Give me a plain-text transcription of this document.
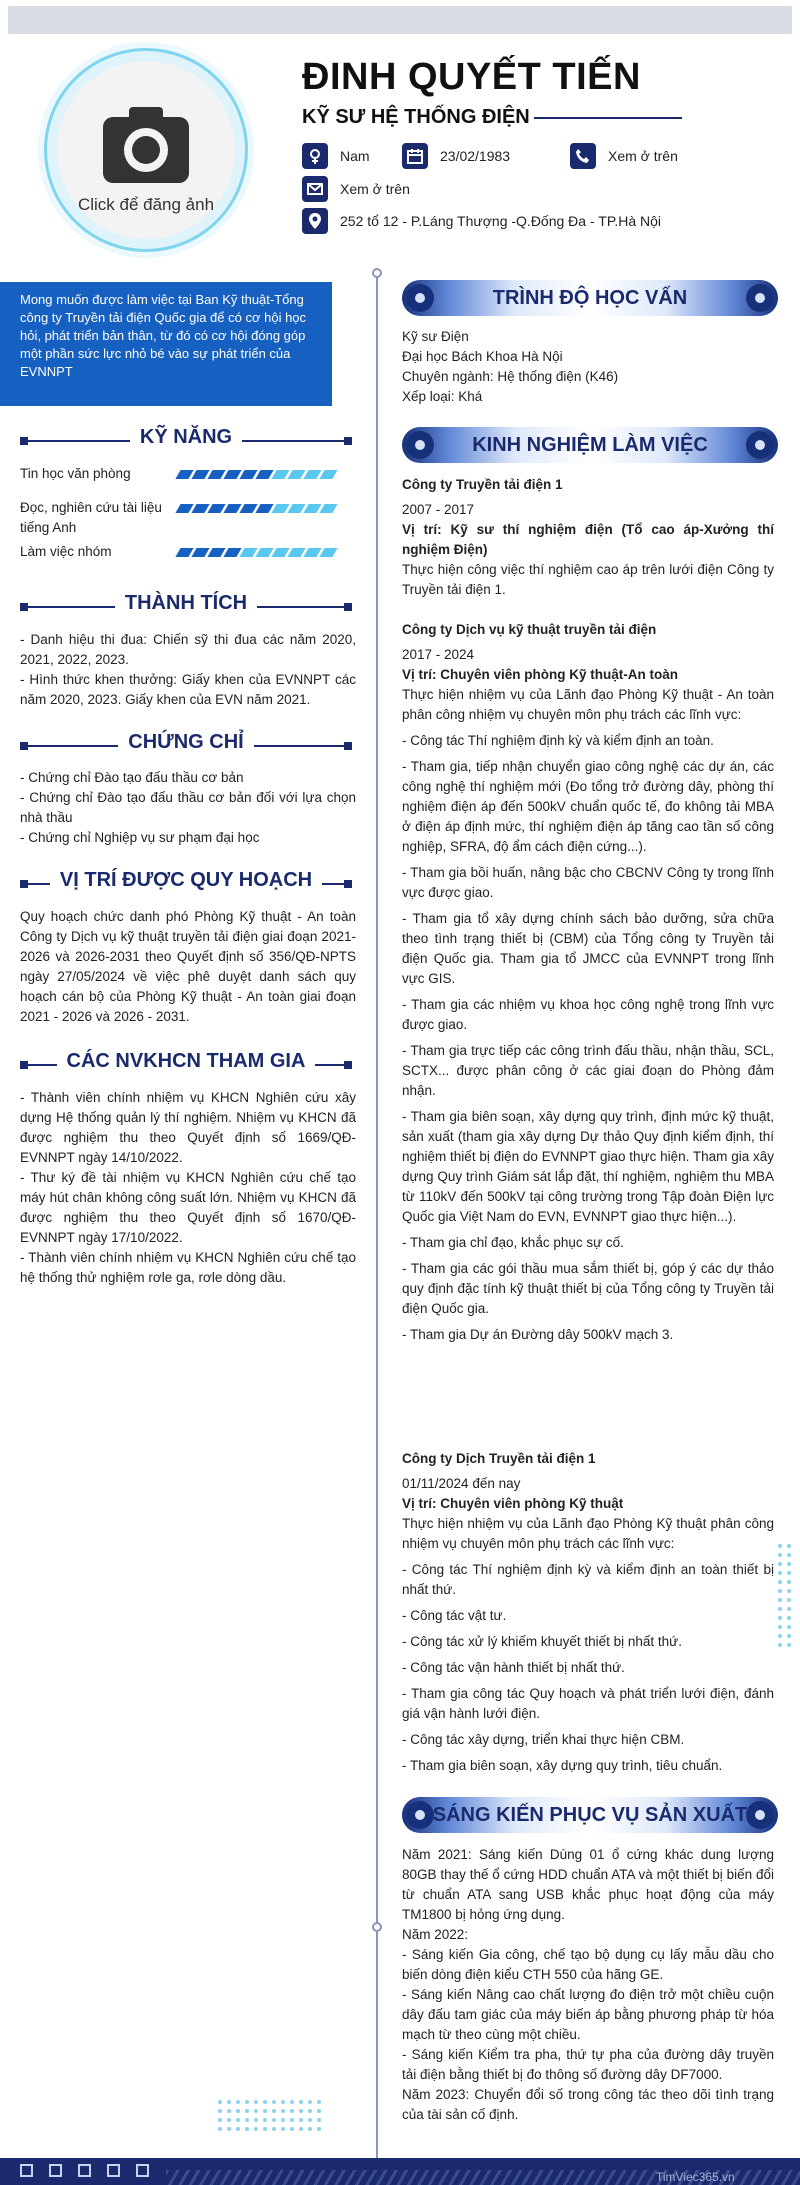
Click để đăng ảnh
ĐINH QUYẾT TIẾN
KỸ SƯ HỆ THỐNG ĐIỆN
Nam	23/02/1983	Xem ở trên
Xem ở trên
252 tổ 12 - P.Láng Thượng -Q.Đống Đa - TP.Hà Nội
Mong muốn được làm việc tại Ban Kỹ thuật-Tổng công ty Truyền tải điện Quốc gia để có cơ hội học hỏi, phát triển bản thân, từ đó có cơ hội đóng góp một phần sức lực nhỏ bé vào sự phát triển của EVNNPT
KỸ NĂNG
Tin học văn phòng
Đọc, nghiên cứu tài liệu tiếng Anh
Làm việc nhóm
THÀNH TÍCH

- Danh hiệu thi đua: Chiến sỹ thi đua các năm 2020, 2021, 2022, 2023.

- Hình thức khen thưởng: Giấy khen của EVNNPT các năm 2020, 2023. Giấy khen của EVN năm 2021.

CHỨNG CHỈ

- Chứng chỉ Đào tạo đấu thầu cơ bản

- Chứng chỉ Đào tạo đấu thầu cơ bản đối với lựa chọn nhà thầu

- Chứng chỉ Nghiệp vụ sư phạm đại học

VỊ TRÍ ĐƯỢC QUY HOẠCH
Quy hoạch chức danh phó Phòng Kỹ thuật - An toàn Công ty Dịch vụ kỹ thuật truyền tải điện giai đoạn 2021-2026 và 2026-2031 theo Quyết định số 356/QĐ-NPTS ngày 27/05/2024 về việc phê duyệt danh sách quy hoạch cán bộ của Phòng Kỹ thuật - An toàn giai đoạn 2021 - 2026 và 2026 - 2031.
CÁC NVKHCN THAM GIA

- Thành viên chính nhiệm vụ KHCN Nghiên cứu xây dựng Hệ thống quản lý thí nghiệm. Nhiệm vụ KHCN đã được nghiệm thu theo Quyết định số 1669/QĐ-EVNNPT ngày 14/10/2022.

- Thư ký đề tài nhiệm vụ KHCN Nghiên cứu chế tạo máy hút chân không công suất lớn. Nhiệm vụ KHCN đã được nghiệm thu theo Quyết định số 1670/QĐ-EVNNPT ngày 17/10/2022.

- Thành viên chính nhiệm vụ KHCN Nghiên cứu chế tạo hệ thống thử nghiệm rơle ga, rơle dòng dầu.

TRÌNH ĐỘ HỌC VẤN

Kỹ sư Điện

Đại học Bách Khoa Hà Nội

Chuyên ngành: Hệ thống điện (K46)

Xếp loại: Khá

KINH NGHIỆM LÀM VIỆC

Công ty Truyền tải điện 1

2007 - 2017

Vị trí: Kỹ sư thí nghiệm điện (Tổ cao áp-Xưởng thí nghiệm Điện)

Thực hiện công việc thí nghiệm cao áp trên lưới điện Công ty Truyền tải điện 1.

Công ty Dịch vụ kỹ thuật truyền tải điện

2017 - 2024

Vị trí: Chuyên viên phòng Kỹ thuật-An toàn

Thực hiện nhiệm vụ của Lãnh đạo Phòng Kỹ thuật - An toàn phân công nhiệm vụ chuyên môn phụ trách các lĩnh vực:

- Công tác Thí nghiệm định kỳ và kiểm định an toàn.

- Tham gia, tiếp nhận chuyển giao công nghệ các dự án, các công nghệ thí nghiệm mới (Đo tổng trở đường dây, phòng thí nghiệm điện áp đến 500kV chuẩn quốc tế, đo không tải MBA ở điện áp định mức, thí nghiệm điện áp tăng cao tần số công nghiệp, SFRA, độ ẩm cách điện cứng...).

- Tham gia bồi huấn, nâng bậc cho CBCNV Công ty trong lĩnh vực được giao.

- Tham gia tổ xây dựng chính sách bảo dưỡng, sửa chữa theo tình trạng thiết bị (CBM) của Tổng công ty Truyền tải điện Quốc gia. Tham gia tổ JMCC của EVNNPT trong lĩnh vực GIS.

- Tham gia các nhiệm vụ khoa học công nghệ trong lĩnh vực được giao.

- Tham gia trực tiếp các công trình đấu thầu, nhận thầu, SCL, SCTX... được phân công ở các giai đoạn do Phòng đảm nhận.

- Tham gia biên soạn, xây dựng quy trình, định mức kỹ thuật, sản xuất (tham gia xây dựng Dự thảo Quy định kiểm định, thí nghiệm thiết bị điện do EVNNPT giao thực hiện. Tham gia xây dựng Quy trình Giám sát lắp đặt, thí nghiệm, nghiệm thu MBA từ 110kV đến 500kV tại công trường trong Tập đoàn Điện lực Quốc gia Việt Nam do EVN, EVNNPT giao thực hiện...).

- Tham gia chỉ đạo, khắc phục sự cố.

- Tham gia các gói thầu mua sắm thiết bị, góp ý các dự thảo quy định đặc tính kỹ thuật thiết bị của Tổng công ty Truyền tải điện Quốc gia.

- Tham gia Dự án Đường dây 500kV mạch 3.

Công ty Dịch Truyền tải điện 1

01/11/2024 đến nay

Vị trí: Chuyên viên phòng Kỹ thuật

Thực hiện nhiệm vụ của Lãnh đạo Phòng Kỹ thuật phân công nhiệm vụ chuyên môn phụ trách các lĩnh vực:

- Công tác Thí nghiệm định kỳ và kiểm định an toàn thiết bị nhất thứ.

- Công tác vật tư.

- Công tác xử lý khiếm khuyết thiết bị nhất thứ.

- Công tác vận hành thiết bị nhất thứ.

- Tham gia công tác Quy hoạch và phát triển lưới điện, đánh giá vận hành lưới điện.

- Công tác xây dựng, triển khai thực hiện CBM.

- Tham gia biên soạn, xây dựng quy trình, tiêu chuẩn.

SÁNG KIẾN PHỤC VỤ SẢN XUẤT

Năm 2021: Sáng kiến Dùng 01 ổ cứng khác dung lượng 80GB thay thế ổ cứng HDD chuẩn ATA và một thiết bị biến đổi từ chuẩn ATA sang USB khắc phục hoạt động của máy TM1800 bị hỏng ứng dụng.

Năm 2022:

- Sáng kiến Gia công, chế tạo bộ dụng cụ lấy mẫu dầu cho biến dòng điện kiểu CTH 550 của hãng GE.

- Sáng kiến Nâng cao chất lượng đo điện trở một chiều cuộn dây đấu tam giác của máy biến áp bằng phương pháp từ hóa mạch từ theo cùng một chiều.

- Sáng kiến Kiểm tra pha, thứ tự pha của đường dây truyền tải điện bằng thiết bị đo thông số đường dây DF7000.

Năm 2023: Chuyển đổi số trong công tác theo dõi tình trạng của tài sản cố định.

TimViec365.vn
